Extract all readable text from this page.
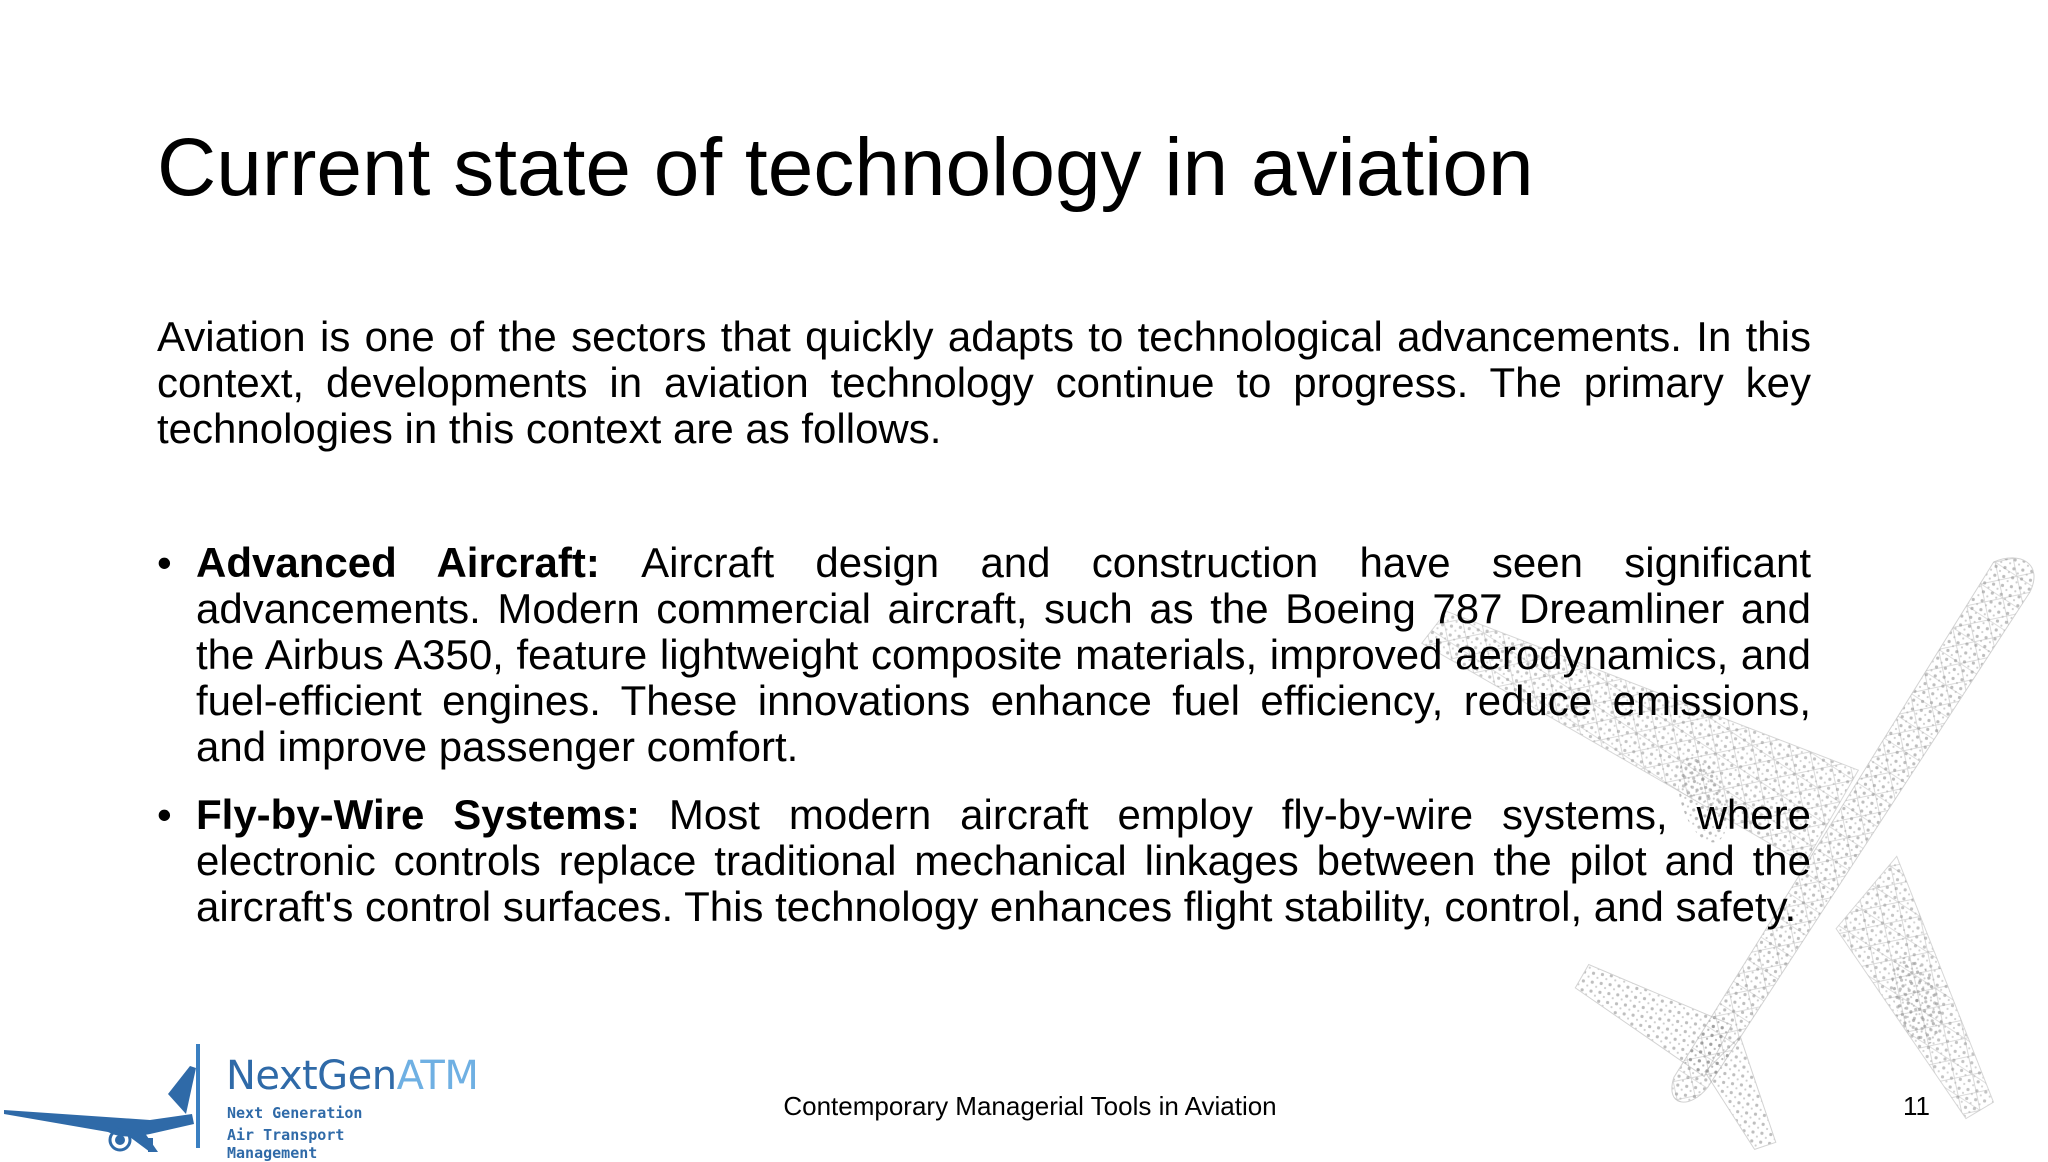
Current state of technology in aviation

Aviation is one of the sectors that quickly adapts to technological advancements. In this context, developments in aviation technology continue to progress. The primary key technologies in this context are as follows.

• Advanced Aircraft: Aircraft design and construction have seen significant advancements. Modern commercial aircraft, such as the Boeing 787 Dreamliner and the Airbus A350, feature lightweight composite materials, improved aerodynamics, and fuel-efficient engines. These innovations enhance fuel efficiency, reduce emissions, and improve passenger comfort.
• Fly-by-Wire Systems: Most modern aircraft employ fly-by-wire systems, where electronic controls replace traditional mechanical linkages between the pilot and the aircraft's control surfaces. This technology enhances flight stability, control, and safety.
NextGenATM
Next Generation
Air Transport Management
Contemporary Managerial Tools in Aviation	11
